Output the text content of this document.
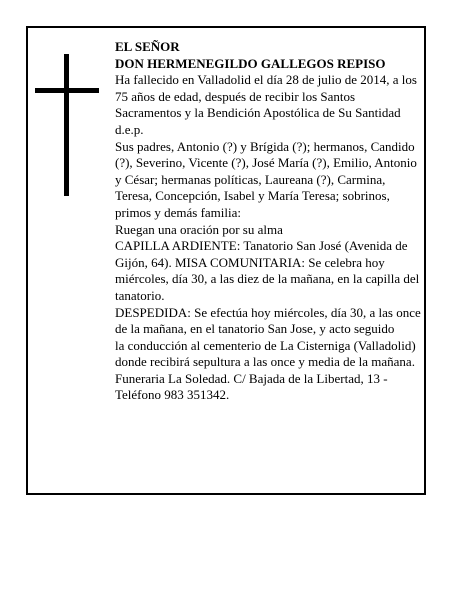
EL SEÑOR
DON HERMENEGILDO GALLEGOS REPISO
Ha fallecido en Valladolid el día 28 de julio de 2014, a los 75 años de edad, después de recibir los Santos Sacramentos y la Bendición Apostólica de Su Santidad d.e.p.
Sus padres, Antonio (?) y Brígida (?); hermanos, Candido (?), Severino, Vicente (?), José María (?), Emilio, Antonio y César; hermanas políticas, Laureana (?), Carmina, Teresa, Concepción, Isabel y María Teresa; sobrinos, primos y demás familia:
Ruegan una oración por su alma
CAPILLA ARDIENTE: Tanatorio San José (Avenida de Gijón, 64). MISA COMUNITARIA: Se celebra hoy miércoles, día 30, a las diez de la mañana, en la capilla del tanatorio.
DESPEDIDA: Se efectúa hoy miércoles, día 30, a las once de la mañana, en el tanatorio San Jose, y acto seguido
la conducción al cementerio de La Cisterniga (Valladolid) donde recibirá sepultura a las once y media de la mañana.
Funeraria La Soledad. C/ Bajada de la Libertad, 13 - Teléfono 983 351342.
